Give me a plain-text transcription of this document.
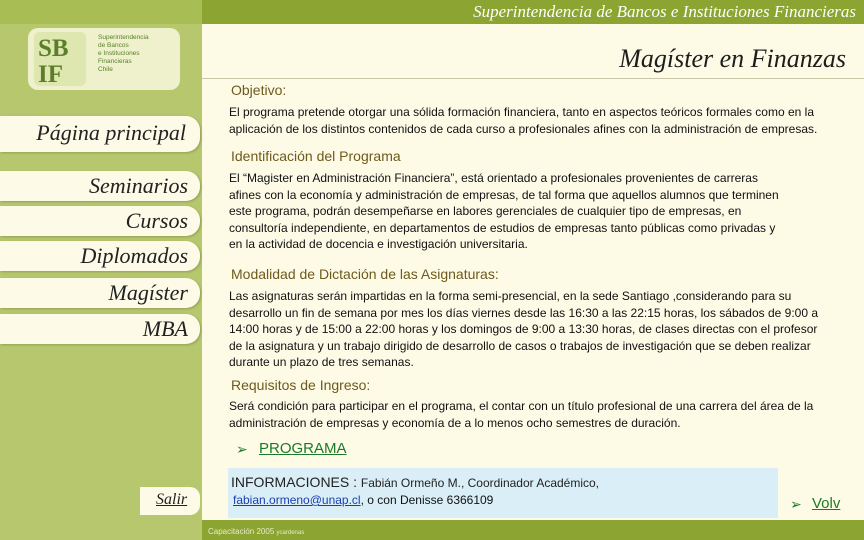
Superintendencia de Bancos e Instituciones Financieras
SB
IF
Superintendencia
de Bancos
e Instituciones
Financieras
Chile
Página principal
Seminarios
Cursos
Diplomados
Magíster
MBA
Salir
Magíster en Finanzas
Objetivo:
El programa pretende otorgar una sólida formación financiera, tanto en aspectos teóricos formales como en la aplicación de los distintos contenidos de cada curso a profesionales afines con la administración de empresas.
Identificación del Programa
El “Magister en Administración Financiera”, está orientado a profesionales provenientes de carreras afines con la economía y administración de empresas, de tal forma que aquellos alumnos que terminen este programa, podrán desempeñarse en labores gerenciales de cualquier tipo de empresas, en consultoría independiente, en departamentos de estudios de empresas tanto públicas como privadas y en la actividad de docencia e investigación universitaria.
Modalidad de Dictación de las Asignaturas:
Las asignaturas serán impartidas en la forma semi-presencial, en la sede Santiago ,considerando para su desarrollo un fin de semana por mes los días viernes desde las 16:30 a las 22:15 horas, los sábados de 9:00 a 14:00 horas y de 15:00 a 22:00 horas y los domingos de 9:00 a 13:30 horas, de clases directas con el profesor de la asignatura y un trabajo dirigido de desarrollo de casos o trabajos de investigación que se deben realizar durante un plazo de tres semanas.
Requisitos de Ingreso:
Será condición para participar en el programa, el contar con un título profesional de una carrera del área de la administración de empresas y economía de a lo menos ocho semestres de duración.
➢ PROGRAMA
INFORMACIONES : Fabián Ormeño M., Coordinador Académico,
fabian.ormeno@unap.cl, o con Denisse 6366109	➢ Volv
Capacitación 2005 ycardenas
